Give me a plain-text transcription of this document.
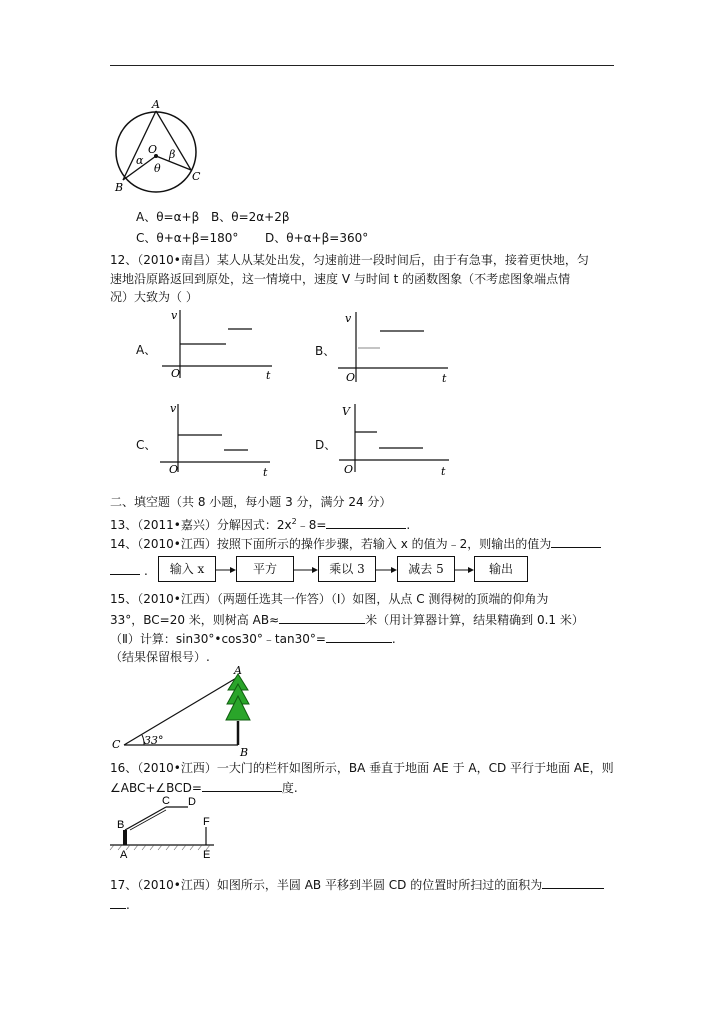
A
B
C
O
α β
θ
A、θ=α+β B、θ=2α+2β
C、θ+α+β=180° D、θ+α+β=360°
12、（2010•南昌）某人从某处出发，匀速前进一段时间后，由于有急事，接着更快地，匀
速地沿原路返回到原处，这一情境中，速度 V 与时间 t 的函数图象（不考虑图象端点情
况）大致为（ ）
A、
v
O	t
B、
v
O	t
C、
v
O	t
D、
V
O	t
二、填空题（共 8 小题，每小题 3 分，满分 24 分）
13、（2011•嘉兴）分解因式：$2x^2﹣8=$	.
14、（2010•江西）按照下面所示的操作步骤，若输入 x 的值为﹣2，则输出的值为
.	输入 x	平方	乘以 3	减去 5	输出
15、（2010•江西）（两题任选其一作答）（Ⅰ）如图，从点 C 测得树的顶端的仰角为
33°，BC=20 米，则树高 AB≈	米（用计算器计算，结果精确到 0.1 米）
（Ⅱ）计算：sin30°•cos30°﹣tan30°=	.
（结果保留根号）.
A
C
B
33°
16、（2010•江西）一大门的栏杆如图所示，BA 垂直于地面 AE 于 A，CD 平行于地面 AE，则
∠ABC+∠BCD=	度.
B
C D
F
A	E
17、（2010•江西）如图所示，半圆 AB 平移到半圆 CD 的位置时所扫过的面积为
.
